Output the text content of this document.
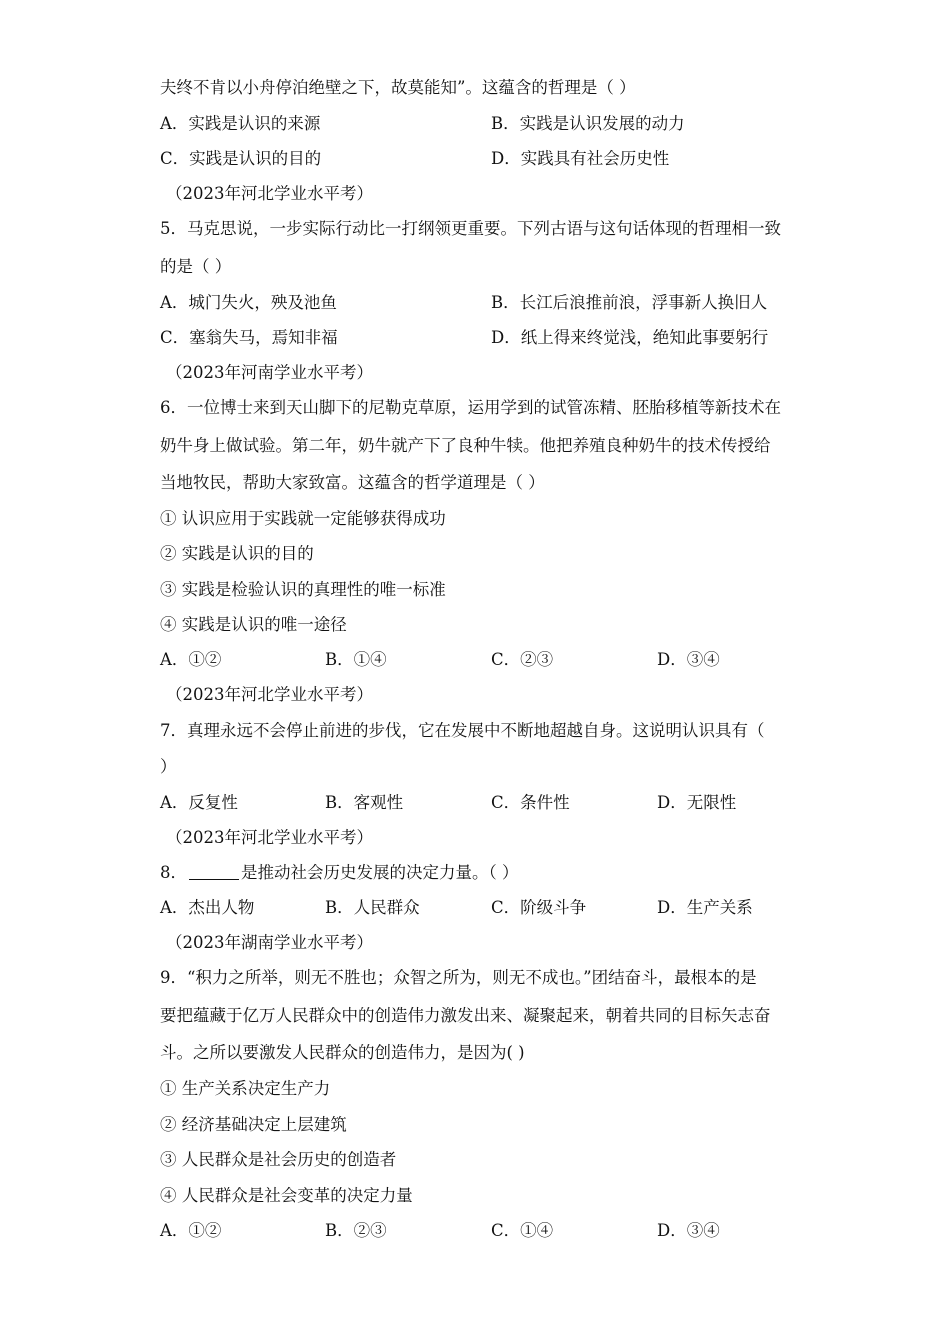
夫终不肯以小舟停泊绝壁之下，故莫能知”。这蕴含的哲理是（ ）
A．实践是认识的来源	B．实践是认识发展的动力
C．实践是认识的目的	D．实践具有社会历史性
（2023年河北学业水平考）
5．马克思说，一步实际行动比一打纲领更重要。下列古语与这句话体现的哲理相一致
的是（ ）
A．城门失火，殃及池鱼	B．长江后浪推前浪，浮事新人换旧人
C．塞翁失马，焉知非福	D．纸上得来终觉浅，绝知此事要躬行
（2023年河南学业水平考）
6．一位博士来到天山脚下的尼勒克草原，运用学到的试管冻精、胚胎移植等新技术在
奶牛身上做试验。第二年，奶牛就产下了良种牛犊。他把养殖良种奶牛的技术传授给
当地牧民，帮助大家致富。这蕴含的哲学道理是（ ）
① 认识应用于实践就一定能够获得成功
② 实践是认识的目的
③ 实践是检验认识的真理性的唯一标准
④ 实践是认识的唯一途径
A．①②	B．①④	C．②③	D．③④
（2023年河北学业水平考）
7．真理永远不会停止前进的步伐，它在发展中不断地超越自身。这说明认识具有（
）
A．反复性	B．客观性	C．条件性	D．无限性
（2023年河北学业水平考）
8．	是推动社会历史发展的决定力量。（ ）
A．杰出人物	B．人民群众	C．阶级斗争	D．生产关系
（2023年湖南学业水平考）
9．“积力之所举，则无不胜也；众智之所为，则无不成也。”团结奋斗，最根本的是
要把蕴藏于亿万人民群众中的创造伟力激发出来、凝聚起来，朝着共同的目标矢志奋
斗。之所以要激发人民群众的创造伟力，是因为( )
① 生产关系决定生产力
② 经济基础决定上层建筑
③ 人民群众是社会历史的创造者
④ 人民群众是社会变革的决定力量
A．①②	B．②③	C．①④	D．③④
